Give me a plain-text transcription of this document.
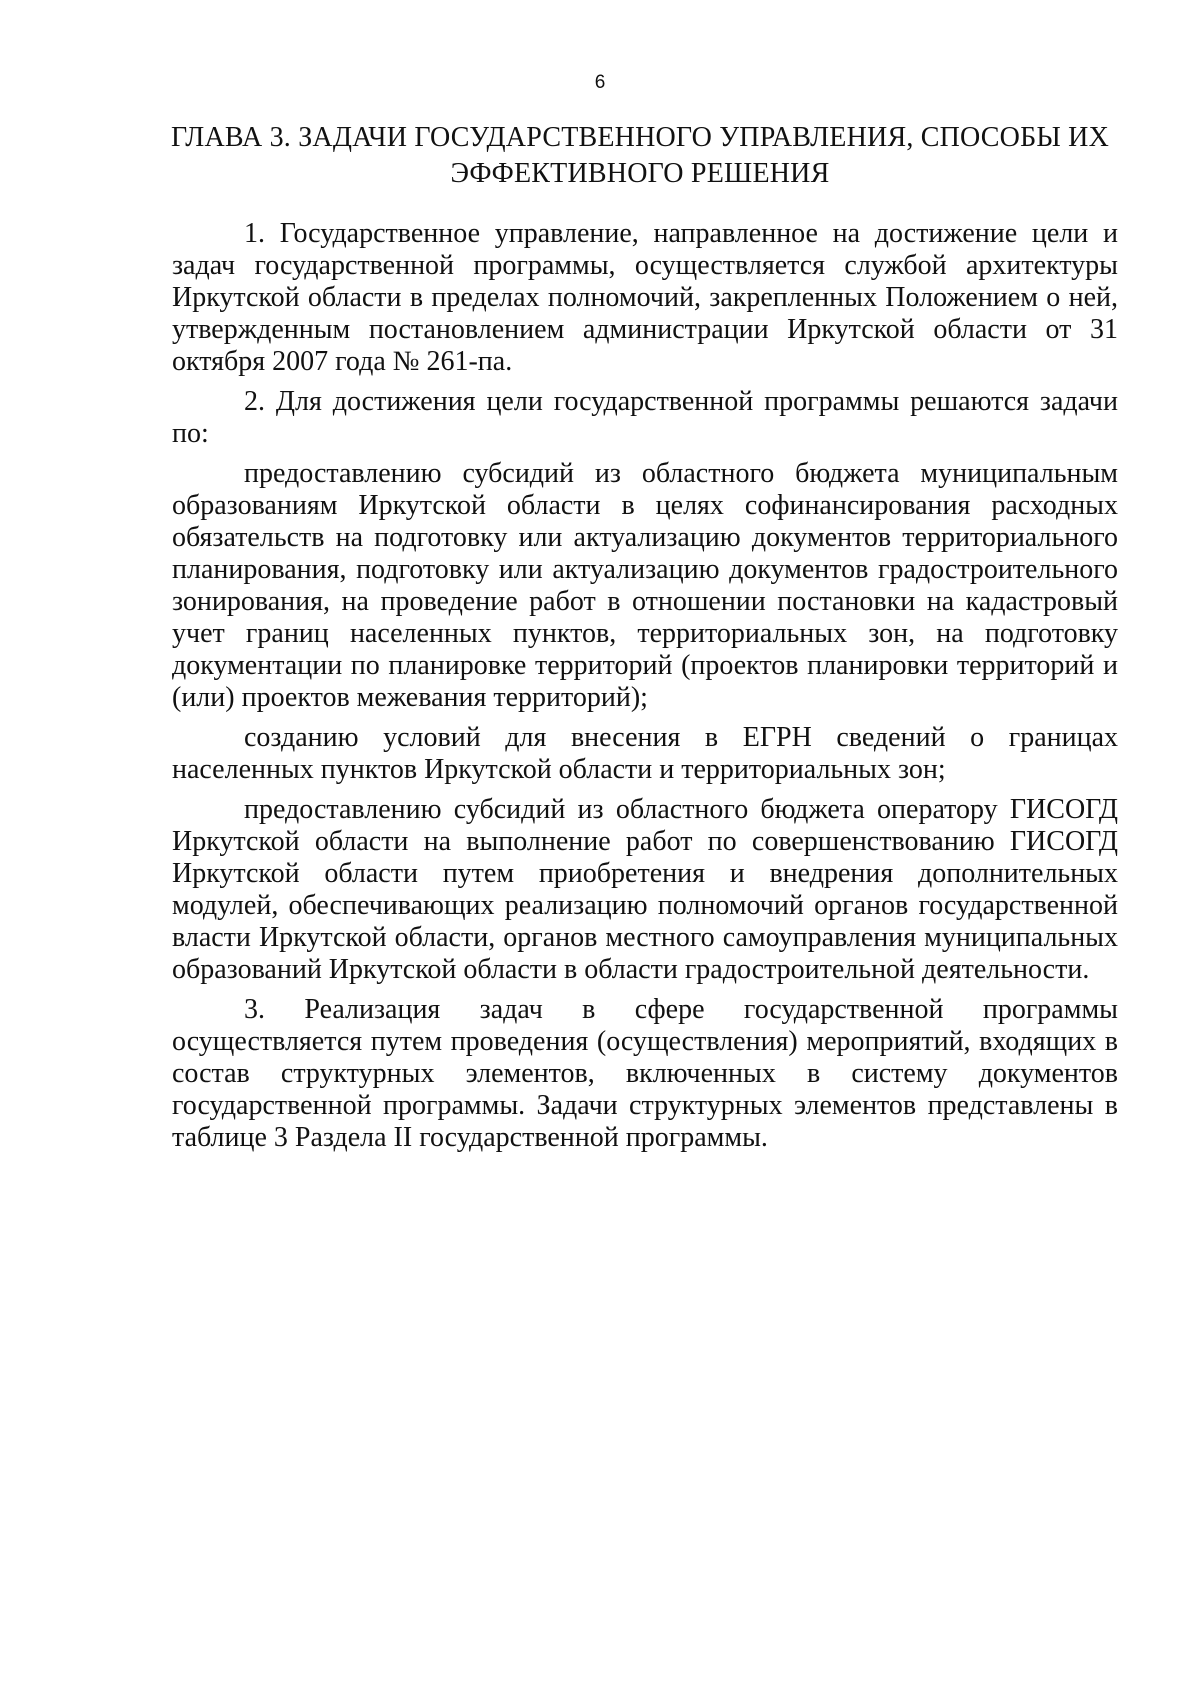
6
ГЛАВА 3. ЗАДАЧИ ГОСУДАРСТВЕННОГО УПРАВЛЕНИЯ, СПОСОБЫ ИХ ЭФФЕКТИВНОГО РЕШЕНИЯ

1. Государственное управление, направленное на достижение цели и задач государственной программы, осуществляется службой архитектуры Иркутской области в пределах полномочий, закрепленных Положением о ней, утвержденным постановлением администрации Иркутской области от 31 октября 2007 года № 261-па.

2. Для достижения цели государственной программы решаются задачи по:

предоставлению субсидий из областного бюджета муниципальным образованиям Иркутской области в целях софинансирования расходных обязательств на подготовку или актуализацию документов территориального планирования, подготовку или актуализацию документов градостроительного зонирования, на проведение работ в отношении постановки на кадастровый учет границ населенных пунктов, территориальных зон, на подготовку документации по планировке территорий (проектов планировки территорий и (или) проектов межевания территорий);

созданию условий для внесения в ЕГРН сведений о границах населенных пунктов Иркутской области и территориальных зон;

предоставлению субсидий из областного бюджета оператору ГИСОГД Иркутской области на выполнение работ по совершенствованию ГИСОГД Иркутской области путем приобретения и внедрения дополнительных модулей, обеспечивающих реализацию полномочий органов государственной власти Иркутской области, органов местного самоуправления муниципальных образований Иркутской области в области градостроительной деятельности.

3. Реализация задач в сфере государственной программы осуществляется путем проведения (осуществления) мероприятий, входящих в состав структурных элементов, включенных в систему документов государственной программы. Задачи структурных элементов представлены в таблице 3 Раздела II государственной программы.
